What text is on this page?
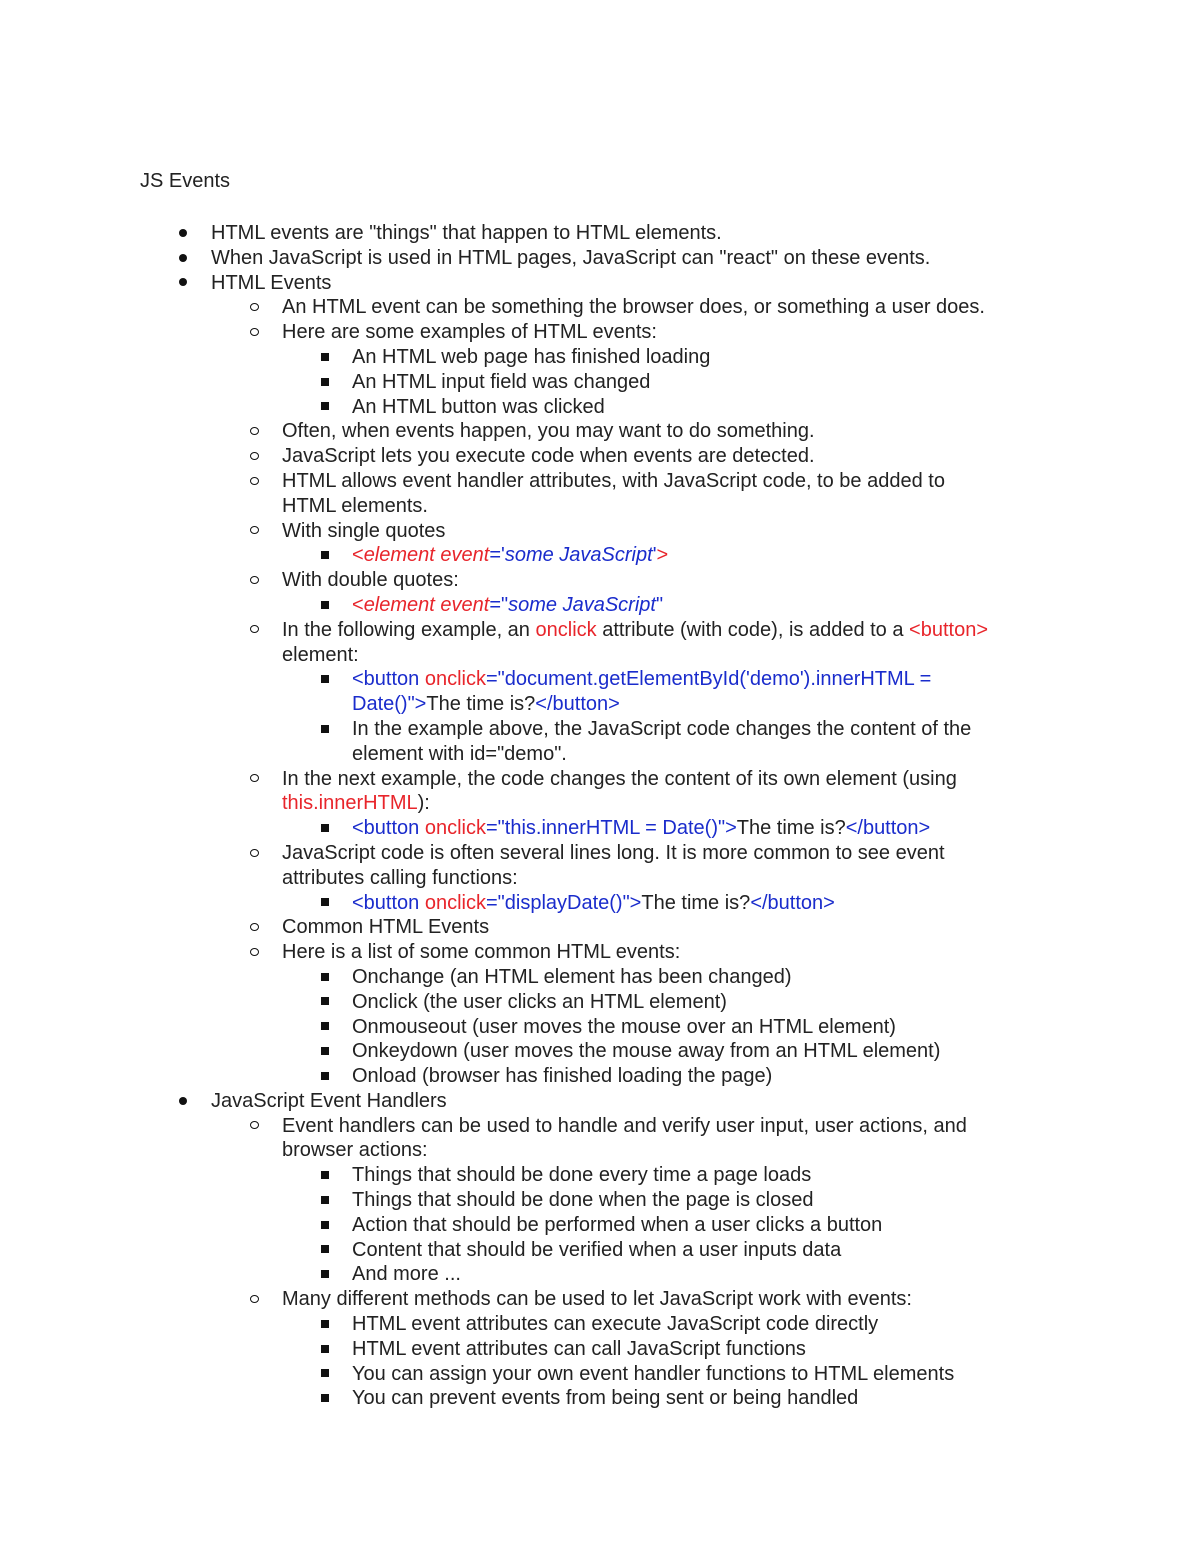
JS Events
HTML events are "things" that happen to HTML elements.
When JavaScript is used in HTML pages, JavaScript can "react" on these events.
HTML Events
An HTML event can be something the browser does, or something a user does.
Here are some examples of HTML events:
An HTML web page has finished loading
An HTML input field was changed
An HTML button was clicked
Often, when events happen, you may want to do something.
JavaScript lets you execute code when events are detected.
HTML allows event handler attributes, with JavaScript code, to be added to
HTML elements.
With single quotes
<element event='some JavaScript'>
With double quotes:
<element event="some JavaScript"
In the following example, an onclick attribute (with code), is added to a <button>
element:
<button onclick="document.getElementById('demo').innerHTML =
Date()">The time is?</button>
In the example above, the JavaScript code changes the content of the
element with id="demo".
In the next example, the code changes the content of its own element (using
this.innerHTML):
<button onclick="this.innerHTML = Date()">The time is?</button>
JavaScript code is often several lines long. It is more common to see event
attributes calling functions:
<button onclick="displayDate()">The time is?</button>
Common HTML Events
Here is a list of some common HTML events:
Onchange (an HTML element has been changed)
Onclick (the user clicks an HTML element)
Onmouseout (user moves the mouse over an HTML element)
Onkeydown (user moves the mouse away from an HTML element)
Onload (browser has finished loading the page)
JavaScript Event Handlers
Event handlers can be used to handle and verify user input, user actions, and
browser actions:
Things that should be done every time a page loads
Things that should be done when the page is closed
Action that should be performed when a user clicks a button
Content that should be verified when a user inputs data
And more ...
Many different methods can be used to let JavaScript work with events:
HTML event attributes can execute JavaScript code directly
HTML event attributes can call JavaScript functions
You can assign your own event handler functions to HTML elements
You can prevent events from being sent or being handled
